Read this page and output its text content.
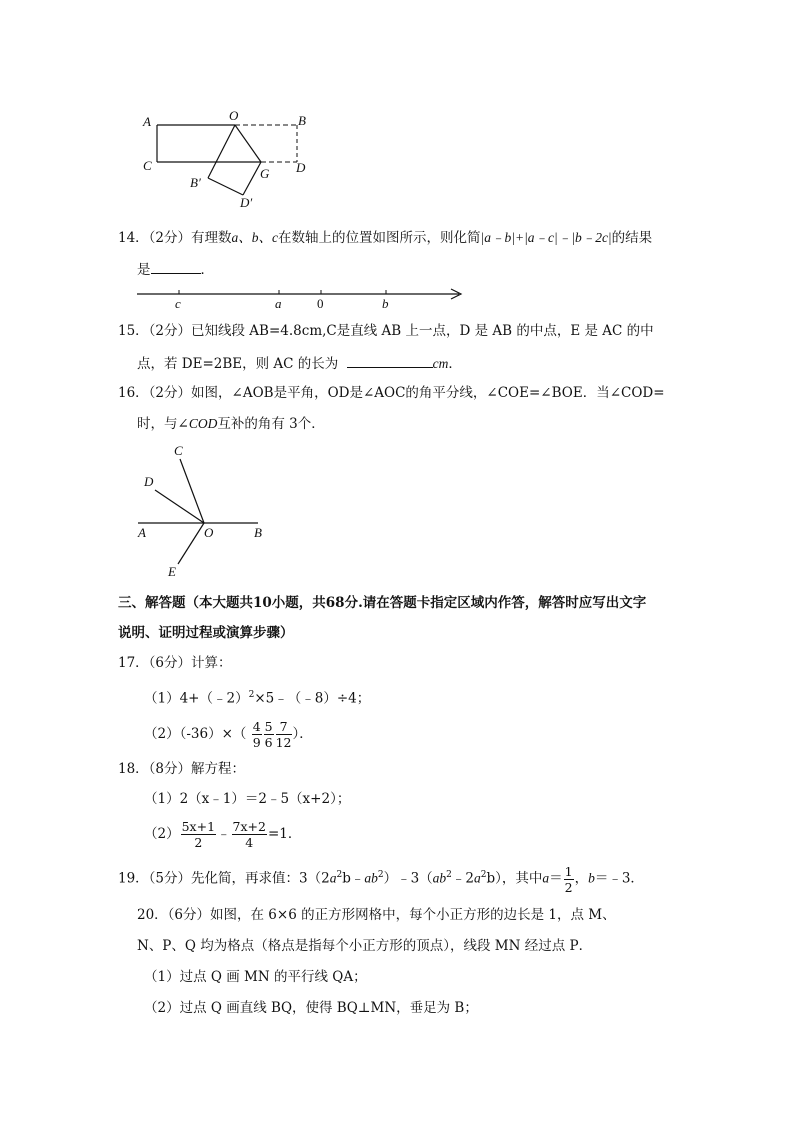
A	O	B
C
G D
B′
D′
14．（2分）有理数a、b、c在数轴上的位置如图所示，则化简|a﹣b|+|a﹣c|﹣|b﹣2c|的结果
是	．
c	a	0	b
15．（2分）已知线段 AB=4.8cm,C是直线 AB 上一点，D 是 AB 的中点，E 是 AC 的中
点，若 DE=2BE，则 AC 的长为	cm．
16．（2分）如图，∠AOB是平角，OD是∠AOC的角平分线，∠COE=∠BOE．当∠COD=
时，与∠COD互补的角有 3个．
C
D
A	O	B
E
三、解答题（本大题共10小题，共68分.请在答题卡指定区域内作答，解答时应写出文字
说明、证明过程或演算步骤）
17．（6分）计算：
（1）4+（﹣2）$^2$×5﹣（﹣8）÷4；
$(2)(-36)\times( \frac{4}{9} \frac{5}{6} \frac{7}{12}$ ）．
18．（8分）解方程：
（1）2（x﹣1）＝2﹣5（x+2）；
$(2) \frac{5x+1}{2}$ ﹣ $\frac{7x+2}{4} =1$．
19．（5分）先化简，再求值：$3(2a^2b﹣ab^2)﹣3(ab^2﹣2a^2b)$，其中$a= \frac{1}{2}$ ，b＝﹣3．
20．（6分）如图，在 6×6 的正方形网格中，每个小正方形的边长是 1，点 M、
N、P、Q 均为格点（格点是指每个小正方形的顶点），线段 MN 经过点 P．
（1）过点 Q 画 MN 的平行线 QA；
（2）过点 Q 画直线 BQ，使得 BQ⊥MN，垂足为 B；
